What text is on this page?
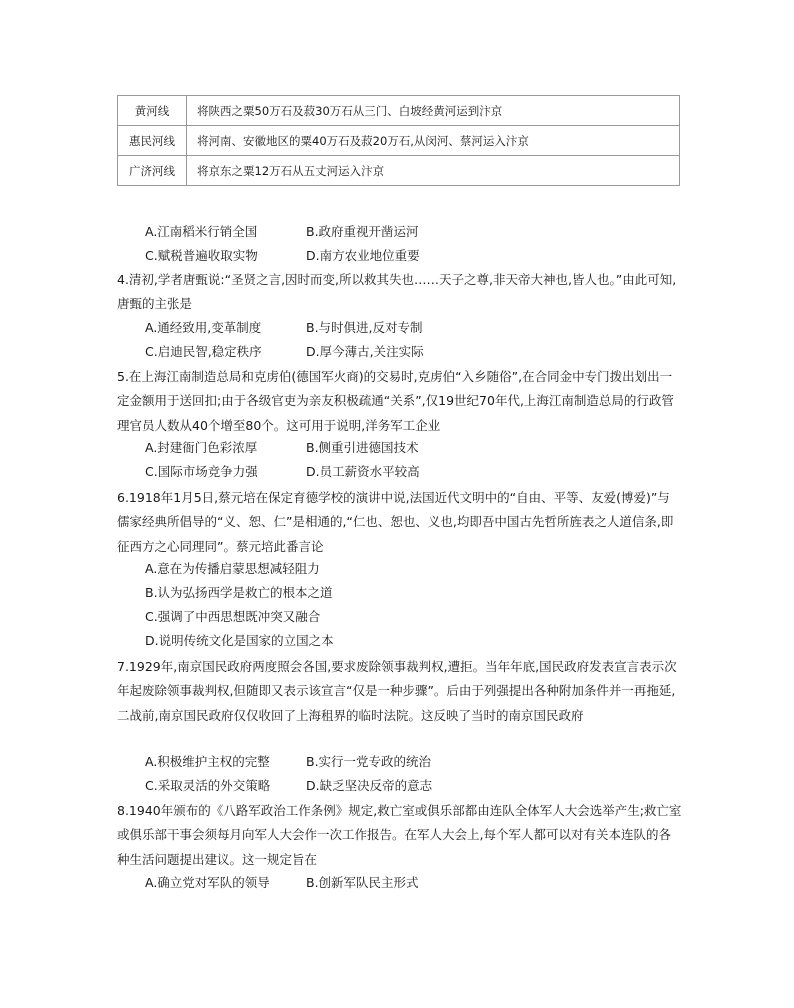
黄河线	将陕西之粟50万石及菽30万石从三门、白坡经黄河运到汴京
惠民河线	将河南、安徽地区的粟40万石及菽20万石,从闵河、蔡河运入汴京
广济河线	将京东之粟12万石从五丈河运入汴京
A.江南稻米行销全国	B.政府重视开凿运河
C.赋税普遍收取实物	D.南方农业地位重要
4.清初,学者唐甄说:“圣贤之言,因时而变,所以救其失也……天子之尊,非天帝大神也,皆人也。”由此可知,唐甄的主张是
A.通经致用,变革制度	B.与时俱进,反对专制
C.启迪民智,稳定秩序	D.厚今薄古,关注实际
5.在上海江南制造总局和克虏伯(德国军火商)的交易时,克虏伯“入乡随俗”,在合同金中专门拨出划出一定金额用于送回扣;由于各级官吏为亲友积极疏通“关系”,仅19世纪70年代,上海江南制造总局的行政管理官员人数从40个增至80个。这可用于说明,洋务军工企业
A.封建衙门色彩浓厚	B.侧重引进德国技术
C.国际市场竞争力强	D.员工薪资水平较高
6.1918年1月5日,蔡元培在保定育德学校的演讲中说,法国近代文明中的“自由、平等、友爱(博爱)”与儒家经典所倡导的“义、恕、仁”是相通的,“仁也、恕也、义也,均即吾中国古先哲所旌表之人道信条,即征西方之心同理同”。蔡元培此番言论
A.意在为传播启蒙思想减轻阻力
B.认为弘扬西学是救亡的根本之道
C.强调了中西思想既冲突又融合
D.说明传统文化是国家的立国之本
7.1929年,南京国民政府两度照会各国,要求废除领事裁判权,遭拒。当年年底,国民政府发表宣言表示次年起废除领事裁判权,但随即又表示该宣言“仅是一种步骤”。后由于列强提出各种附加条件并一再拖延,二战前,南京国民政府仅仅收回了上海租界的临时法院。这反映了当时的南京国民政府
A.积极维护主权的完整	B.实行一党专政的统治
C.采取灵活的外交策略	D.缺乏坚决反帝的意志
8.1940年颁布的《八路军政治工作条例》规定,救亡室或俱乐部都由连队全体军人大会选举产生;救亡室或俱乐部干事会须每月向军人大会作一次工作报告。在军人大会上,每个军人都可以对有关本连队的各种生活问题提出建议。这一规定旨在
A.确立党对军队的领导	B.创新军队民主形式
